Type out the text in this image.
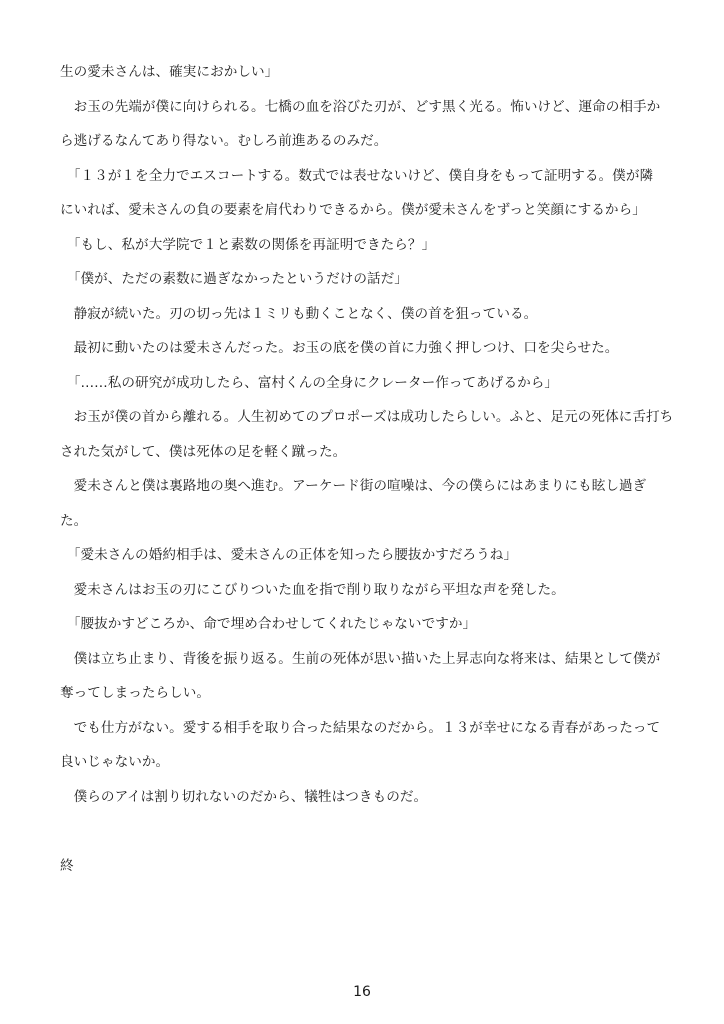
生の愛未さんは、確実におかしい」
　お玉の先端が僕に向けられる。七橋の血を浴びた刃が、どす黒く光る。怖いけど、運命の相手か
ら逃げるなんてあり得ない。むしろ前進あるのみだ。
　「１３が１を全力でエスコートする。数式では表せないけど、僕自身をもって証明する。僕が隣
にいれば、愛未さんの負の要素を肩代わりできるから。僕が愛未さんをずっと笑顔にするから」
　「もし、私が大学院で１と素数の関係を再証明できたら？」
　「僕が、ただの素数に過ぎなかったというだけの話だ」
　静寂が続いた。刃の切っ先は１ミリも動くことなく、僕の首を狙っている。
　最初に動いたのは愛未さんだった。お玉の底を僕の首に力強く押しつけ、口を尖らせた。
　「……私の研究が成功したら、富村くんの全身にクレーター作ってあげるから」
　お玉が僕の首から離れる。人生初めてのプロポーズは成功したらしい。ふと、足元の死体に舌打ち
された気がして、僕は死体の足を軽く蹴った。
　愛未さんと僕は裏路地の奥へ進む。アーケード街の喧噪は、今の僕らにはあまりにも眩し過ぎ
た。
　「愛未さんの婚約相手は、愛未さんの正体を知ったら腰抜かすだろうね」
　愛未さんはお玉の刃にこびりついた血を指で削り取りながら平坦な声を発した。
　「腰抜かすどころか、命で埋め合わせしてくれたじゃないですか」
　僕は立ち止まり、背後を振り返る。生前の死体が思い描いた上昇志向な将来は、結果として僕が
奪ってしまったらしい。
　でも仕方がない。愛する相手を取り合った結果なのだから。１３が幸せになる青春があったって
良いじゃないか。
　僕らのアイは割り切れないのだから、犠牲はつきものだ。
終
16
